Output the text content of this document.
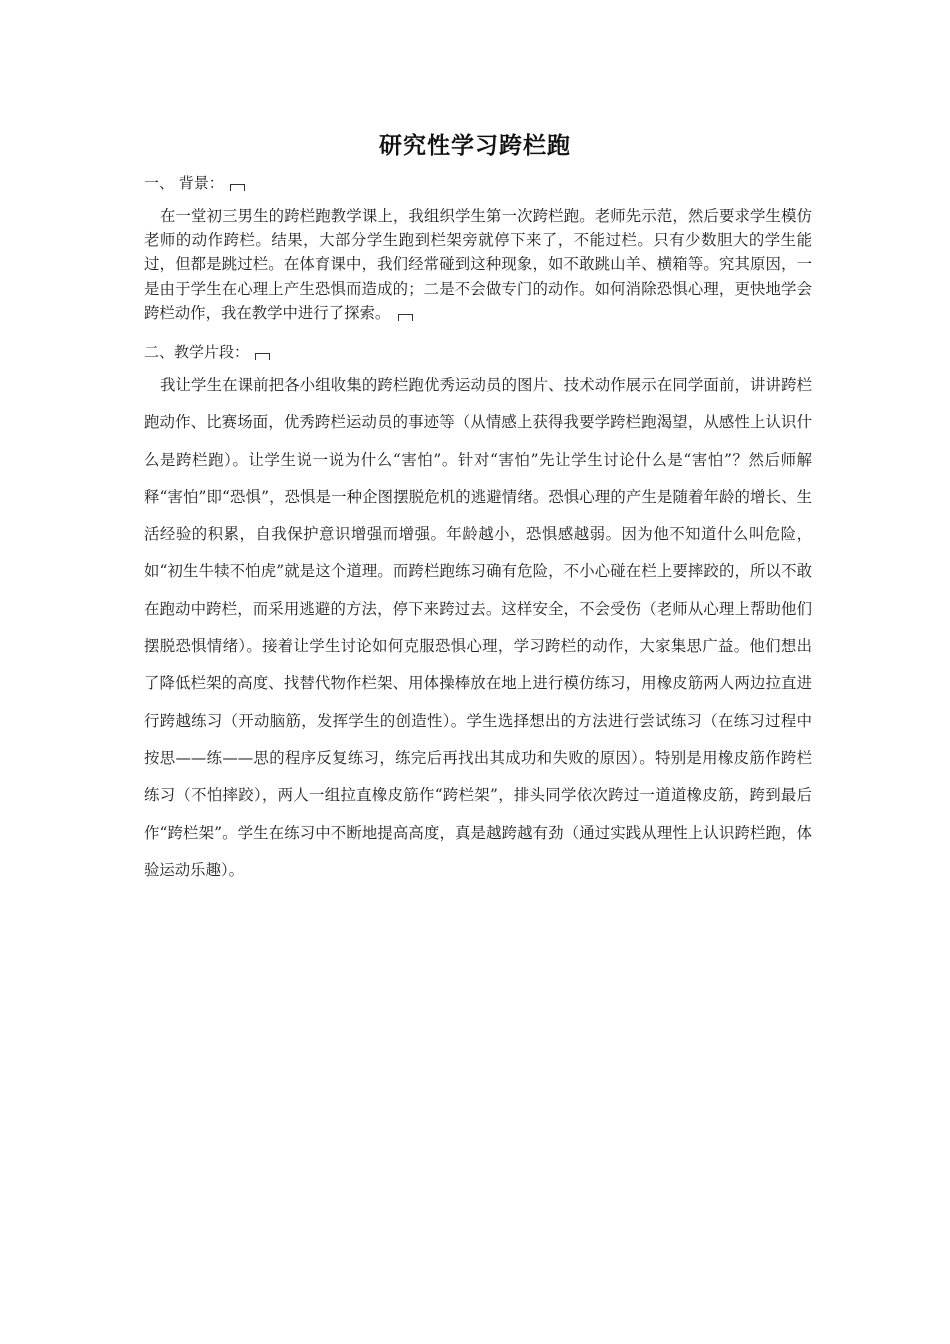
研究性学习跨栏跑
一、 背景：

在一堂初三男生的跨栏跑教学课上，我组织学生第一次跨栏跑。老师先示范，然后要求学生模仿老师的动作跨栏。结果，大部分学生跑到栏架旁就停下来了，不能过栏。只有少数胆大的学生能过，但都是跳过栏。在体育课中，我们经常碰到这种现象，如不敢跳山羊、横箱等。究其原因，一是由于学生在心理上产生恐惧而造成的；二是不会做专门的动作。如何消除恐惧心理，更快地学会跨栏动作，我在教学中进行了探索。

二、教学片段：

我让学生在课前把各小组收集的跨栏跑优秀运动员的图片、技术动作展示在同学面前，讲讲跨栏跑动作、比赛场面，优秀跨栏运动员的事迹等（从情感上获得我要学跨栏跑渴望，从感性上认识什么是跨栏跑）。让学生说一说为什么“害怕”。针对“害怕”先让学生讨论什么是“害怕”？然后师解释“害怕”即“恐惧”，恐惧是一种企图摆脱危机的逃避情绪。恐惧心理的产生是随着年龄的增长、生活经验的积累，自我保护意识增强而增强。年龄越小，恐惧感越弱。因为他不知道什么叫危险，如“初生牛犊不怕虎”就是这个道理。而跨栏跑练习确有危险，不小心碰在栏上要摔跤的，所以不敢在跑动中跨栏，而采用逃避的方法，停下来跨过去。这样安全，不会受伤（老师从心理上帮助他们摆脱恐惧情绪）。接着让学生讨论如何克服恐惧心理，学习跨栏的动作，大家集思广益。他们想出了降低栏架的高度、找替代物作栏架、用体操棒放在地上进行模仿练习，用橡皮筋两人两边拉直进行跨越练习（开动脑筋，发挥学生的创造性）。学生选择想出的方法进行尝试练习（在练习过程中按思——练——思的程序反复练习，练完后再找出其成功和失败的原因）。特别是用橡皮筋作跨栏练习（不怕摔跤），两人一组拉直橡皮筋作“跨栏架”，排头同学依次跨过一道道橡皮筋，跨到最后作“跨栏架”。学生在练习中不断地提高高度，真是越跨越有劲（通过实践从理性上认识跨栏跑，体验运动乐趣）。
